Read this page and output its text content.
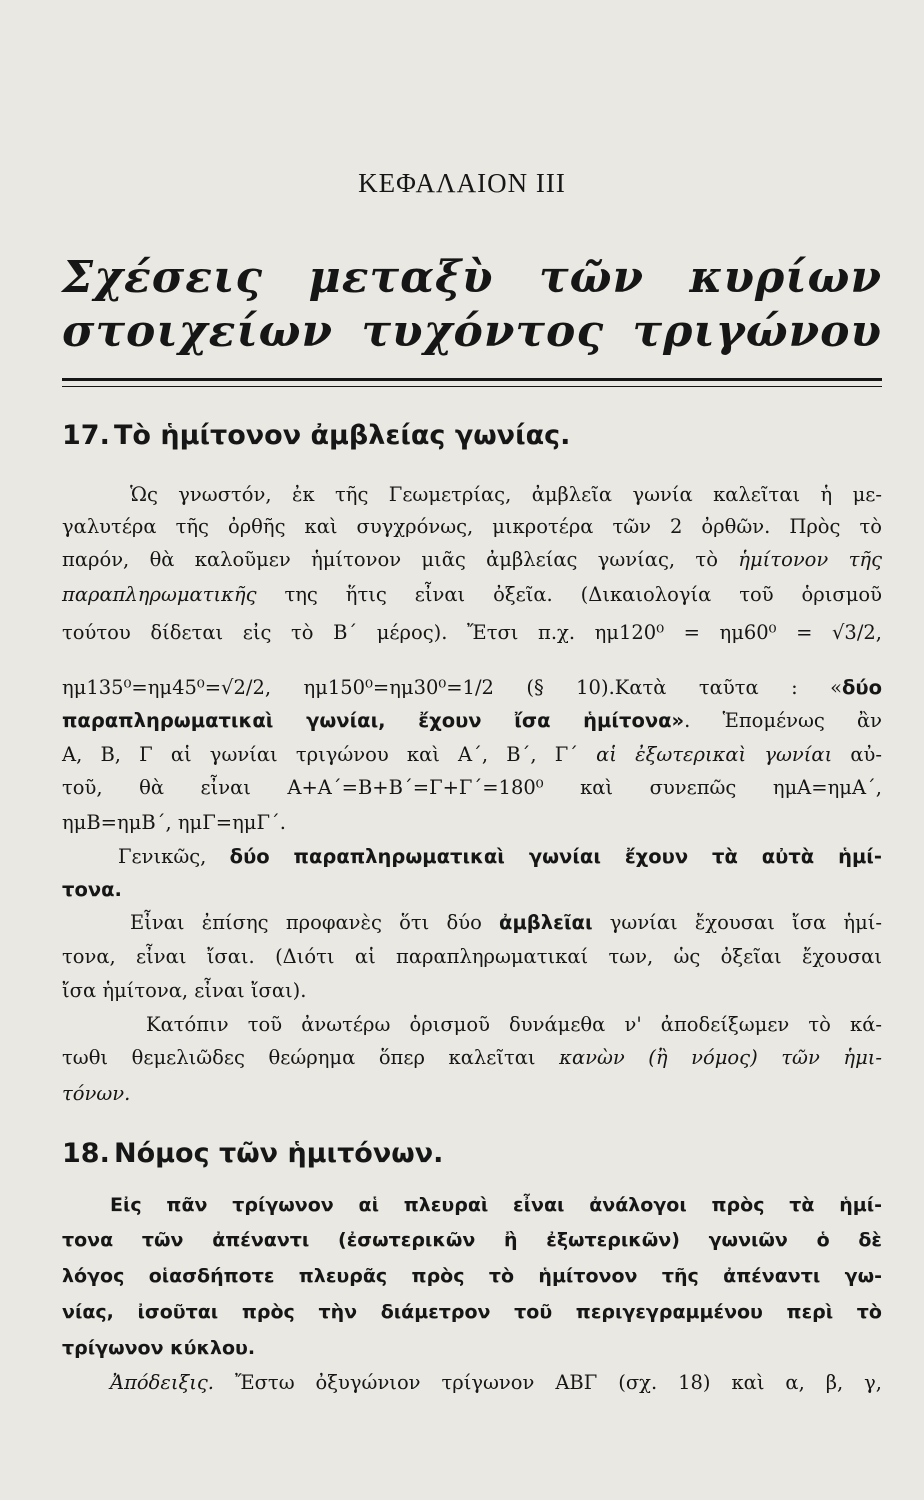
ΚΕΦΑΛΑΙΟΝ ΙΙΙ
Σχέσεις μεταξὺ τῶν κυρίων
στοιχείων τυχόντος τριγώνου
17. Τὸ ἡμίτονον ἀμβλείας γωνίας.
Ὡς γνωστόν, ἐκ τῆς Γεωμετρίας, ἀμβλεῖα γωνία καλεῖται ἡ με-
γαλυτέρα τῆς ὀρθῆς καὶ συγχρόνως, μικροτέρα τῶν 2 ὀρθῶν. Πρὸς τὸ
παρόν, θὰ καλοῦμεν ἡμίτονον μιᾶς ἀμβλείας γωνίας, τὸ ἡμίτονον τῆς
παραπληρωματικῆς της ἥτις εἶναι ὀξεῖα. (Δικαιολογία τοῦ ὁρισμοῦ
τούτου δίδεται εἰς τὸ Β΄ μέρος). Ἔτσι π.χ. ημ120⁰ = ημ60⁰ = √3/2,
ημ135⁰=ημ45⁰=√2/2, ημ150⁰=ημ30⁰=1/2 (§ 10).Κατὰ ταῦτα : «δύο
παραπληρωματικαὶ γωνίαι, ἔχουν ἴσα ἡμίτονα». Ἑπομένως ἂν
Α, Β, Γ αἱ γωνίαι τριγώνου καὶ Α΄, Β΄, Γ΄ αἱ ἐξωτερικαὶ γωνίαι αὐ-
τοῦ, θὰ εἶναι Α+Α΄=Β+Β΄=Γ+Γ΄=180⁰ καὶ συνεπῶς ημΑ=ημΑ΄,
ημΒ=ημΒ΄, ημΓ=ημΓ΄.
Γενικῶς, δύο παραπληρωματικαὶ γωνίαι ἔχουν τὰ αὐτὰ ἡμί-
τονα.
Εἶναι ἐπίσης προφανὲς ὅτι δύο ἀμβλεῖαι γωνίαι ἔχουσαι ἴσα ἡμί-
τονα, εἶναι ἴσαι. (Διότι αἱ παραπληρωματικαί των, ὡς ὀξεῖαι ἔχουσαι
ἴσα ἡμίτονα, εἶναι ἴσαι).
Κατόπιν τοῦ ἀνωτέρω ὁρισμοῦ δυνάμεθα ν' ἀποδείξωμεν τὸ κά-
τωθι θεμελιῶδες θεώρημα ὅπερ καλεῖται κανὼν (ἢ νόμος) τῶν ἡμι-
τόνων.
18. Νόμος τῶν ἡμιτόνων.
Εἰς πᾶν τρίγωνον αἱ πλευραὶ εἶναι ἀνάλογοι πρὸς τὰ ἡμί-
τονα τῶν ἀπέναντι (ἐσωτερικῶν ἢ ἐξωτερικῶν) γωνιῶν ὁ δὲ
λόγος οἱασδήποτε πλευρᾶς πρὸς τὸ ἡμίτονον τῆς ἀπέναντι γω-
νίας, ἰσοῦται πρὸς τὴν διάμετρον τοῦ περιγεγραμμένου περὶ τὸ
τρίγωνον κύκλου.
Ἀπόδειξις. Ἔστω ὀξυγώνιον τρίγωνον ΑΒΓ (σχ. 18) καὶ α, β, γ,
